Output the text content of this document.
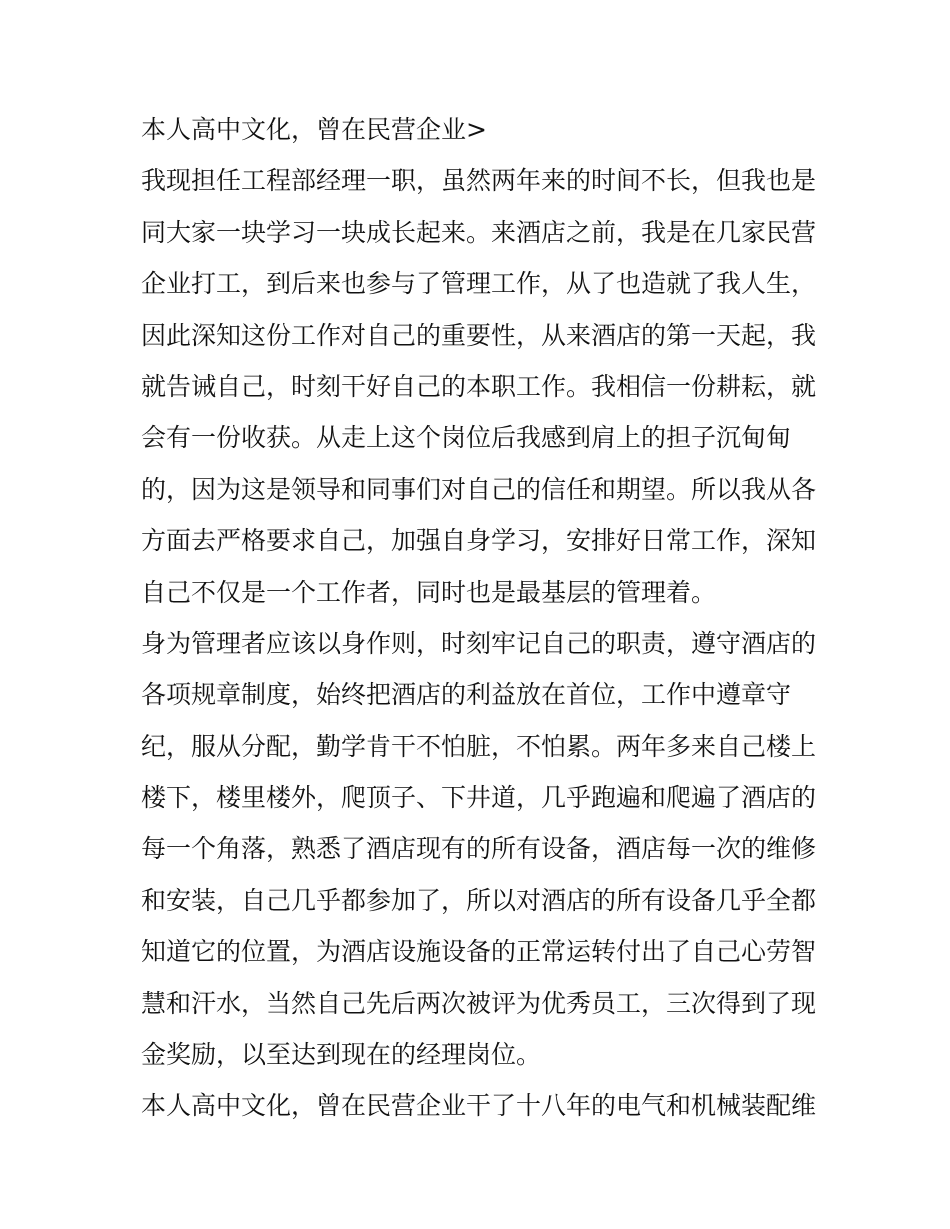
本人高中文化，曾在民营企业>
我现担任工程部经理一职，虽然两年来的时间不长，但我也是
同大家一块学习一块成长起来。来酒店之前，我是在几家民营
企业打工，到后来也参与了管理工作，从了也造就了我人生，
因此深知这份工作对自己的重要性，从来酒店的第一天起，我
就告诫自己，时刻干好自己的本职工作。我相信一份耕耘，就
会有一份收获。从走上这个岗位后我感到肩上的担子沉甸甸
的，因为这是领导和同事们对自己的信任和期望。所以我从各
方面去严格要求自己，加强自身学习，安排好日常工作，深知
自己不仅是一个工作者，同时也是最基层的管理着。
身为管理者应该以身作则，时刻牢记自己的职责，遵守酒店的
各项规章制度，始终把酒店的利益放在首位，工作中遵章守
纪，服从分配，勤学肯干不怕脏，不怕累。两年多来自己楼上
楼下，楼里楼外，爬顶子、下井道，几乎跑遍和爬遍了酒店的
每一个角落，熟悉了酒店现有的所有设备，酒店每一次的维修
和安装，自己几乎都参加了，所以对酒店的所有设备几乎全都
知道它的位置，为酒店设施设备的正常运转付出了自己心劳智
慧和汗水，当然自己先后两次被评为优秀员工，三次得到了现
金奖励，以至达到现在的经理岗位。
本人高中文化，曾在民营企业干了十八年的电气和机械装配维
